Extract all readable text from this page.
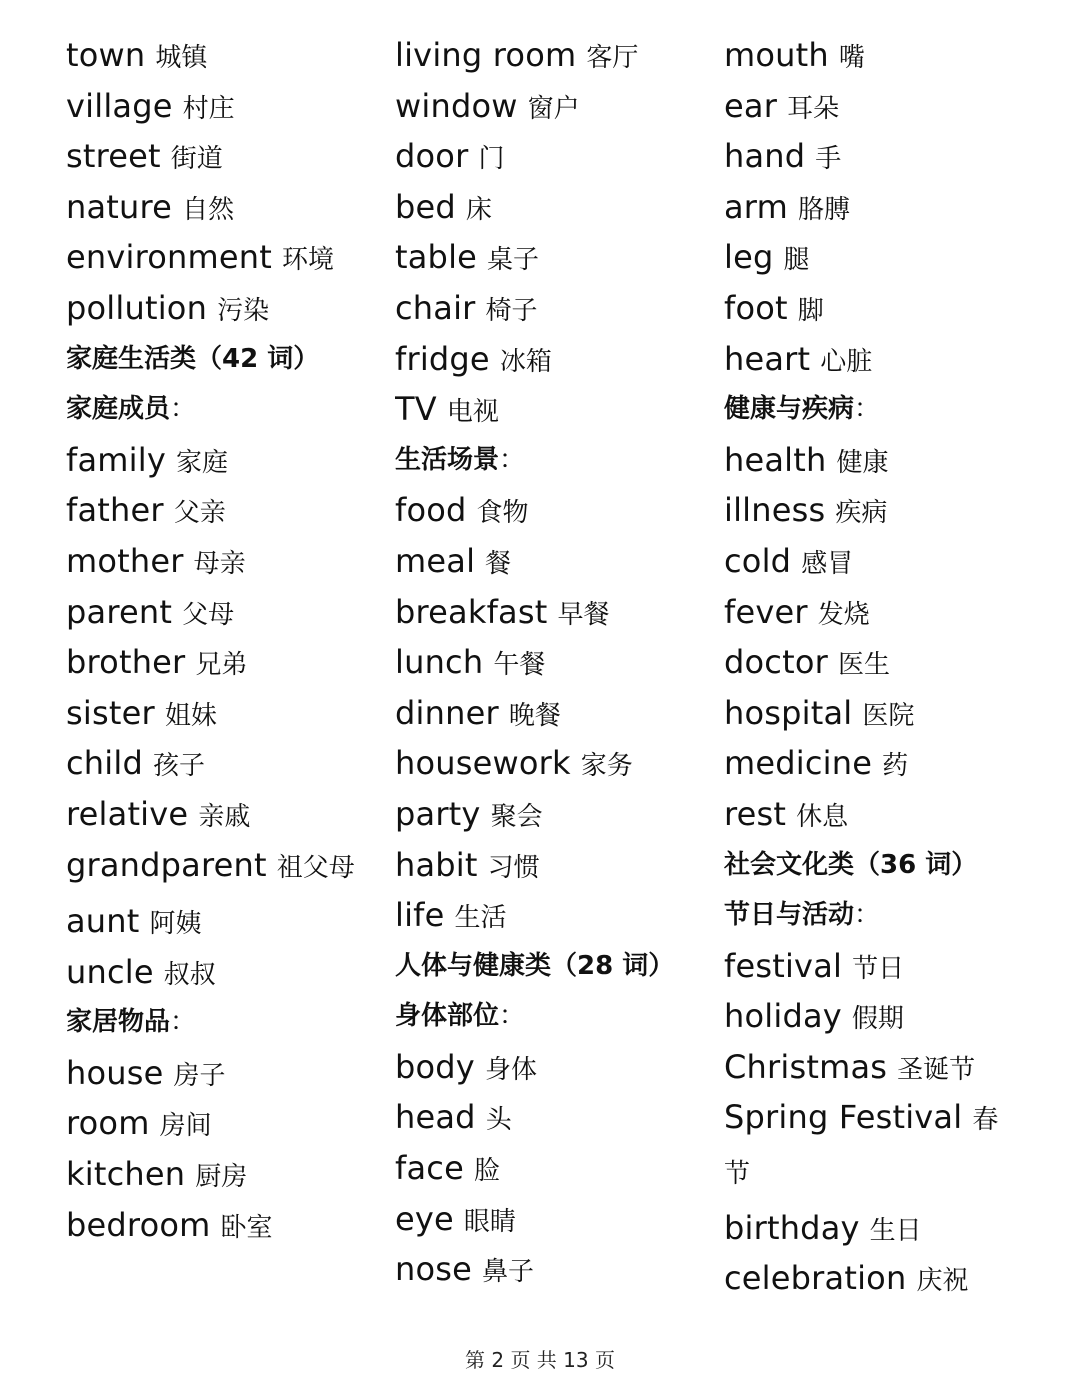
town 城镇
village 村庄
street 街道
nature 自然
environment 环境
pollution 污染
家庭生活类（42 词）
家庭成员：
family 家庭
father 父亲
mother 母亲
parent 父母
brother 兄弟
sister 姐妹
child 孩子
relative 亲戚
grandparent 祖父母
aunt 阿姨
uncle 叔叔
家居物品：
house 房子
room 房间
kitchen 厨房
bedroom 卧室
living room 客厅
window 窗户
door 门
bed 床
table 桌子
chair 椅子
fridge 冰箱
TV 电视
生活场景：
food 食物
meal 餐
breakfast 早餐
lunch 午餐
dinner 晚餐
housework 家务
party 聚会
habit 习惯
life 生活
人体与健康类（28 词）
身体部位：
body 身体
head 头
face 脸
eye 眼睛
nose 鼻子
mouth 嘴
ear 耳朵
hand 手
arm 胳膊
leg 腿
foot 脚
heart 心脏
健康与疾病：
health 健康
illness 疾病
cold 感冒
fever 发烧
doctor 医生
hospital 医院
medicine 药
rest 休息
社会文化类（36 词）
节日与活动：
festival 节日
holiday 假期
Christmas 圣诞节
Spring Festival 春节
birthday 生日
celebration 庆祝
第 2 页 共 13 页
